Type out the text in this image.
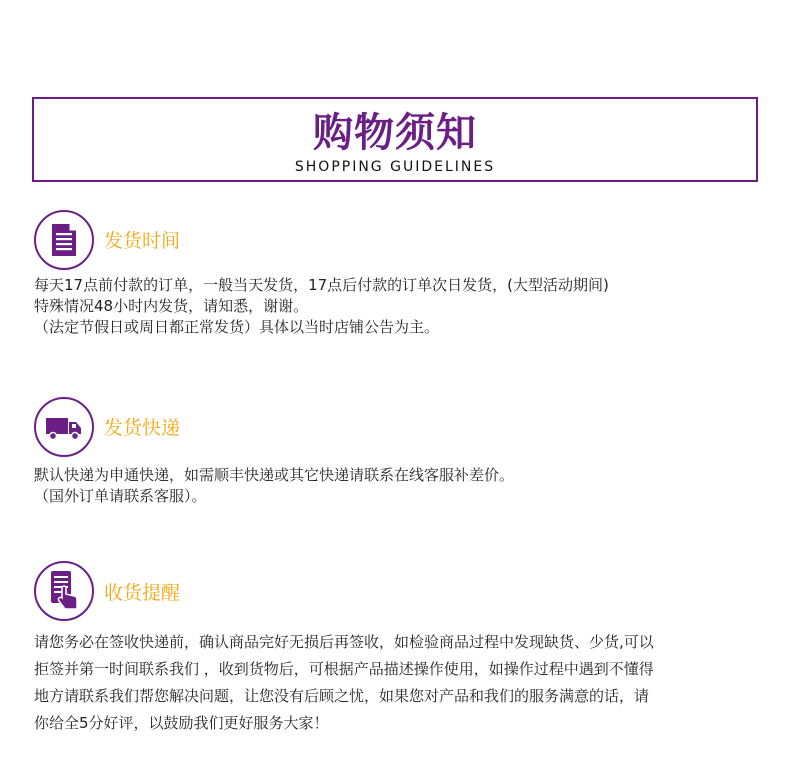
购物须知
SHOPPING GUIDELINES
发货时间
每天17点前付款的订单，一般当天发货，17点后付款的订单次日发货，(大型活动期间)
特殊情况48小时内发货，请知悉，谢谢。
（法定节假日或周日都正常发货）具体以当时店铺公告为主。
发货快递
默认快递为申通快递，如需顺丰快递或其它快递请联系在线客服补差价。
（国外订单请联系客服）。
收货提醒
请您务必在签收快递前，确认商品完好无损后再签收，如检验商品过程中发现缺货、少货,可以
拒签并第一时间联系我们 ，收到货物后，可根据产品描述操作使用，如操作过程中遇到不懂得
地方请联系我们帮您解决问题，让您没有后顾之忧，如果您对产品和我们的服务满意的话，请
你给全5分好评，以鼓励我们更好服务大家！
